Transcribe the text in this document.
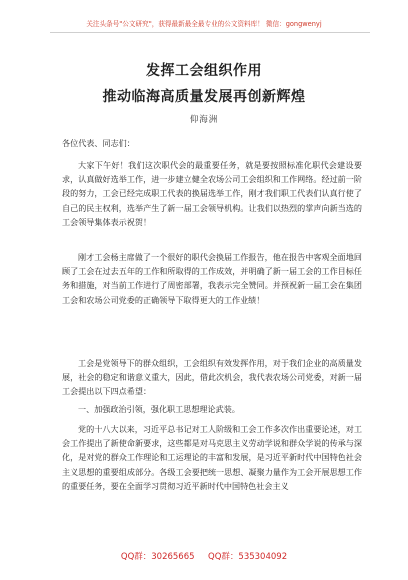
关注头条号"公文研究"，获得最新最全最专业的公文资料库！ 微信：gongwenyj
发挥工会组织作用
推动临海高质量发展再创新辉煌
仰海洲
各位代表、同志们：
大家下午好！我们这次职代会的最重要任务，就是要按照标准化职代会建设要求，认真做好选举工作，进一步建立健全农场公司工会组织和工作网络。经过前一阶段的努力，工会已经完成职工代表的换届选举工作，刚才我们职工代表们认真行使了自己的民主权利，选举产生了新一届工会领导机构。让我们以热烈的掌声向新当选的工会领导集体表示祝贺！
刚才工会杨主席做了一个很好的职代会换届工作报告，他在报告中客观全面地回顾了工会在过去五年的工作和所取得的工作成效，并明确了新一届工会的工作目标任务和措施，对当前工作进行了周密部署，我表示完全赞同。并预祝新一届工会在集团工会和农场公司党委的正确领导下取得更大的工作业绩！
工会是党领导下的群众组织，工会组织有效发挥作用，对于我们企业的高质量发展，社会的稳定和谐意义重大，因此，借此次机会，我代表农场公司党委，对新一届工会提出以下四点希望：
一、加强政治引领，强化职工思想理论武装。
党的十八大以来，习近平总书记对工人阶级和工会工作多次作出重要论述，对工会工作提出了新使命新要求，这些都是对马克思主义劳动学说和群众学说的传承与深化，是对党的群众工作理论和工运理论的丰富和发展，是习近平新时代中国特色社会主义思想的重要组成部分。各级工会要把统一思想、凝聚力量作为工会开展思想工作的重要任务，要在全面学习贯彻习近平新时代中国特色社会主义
QQ群：30265665     QQ群：535304092
